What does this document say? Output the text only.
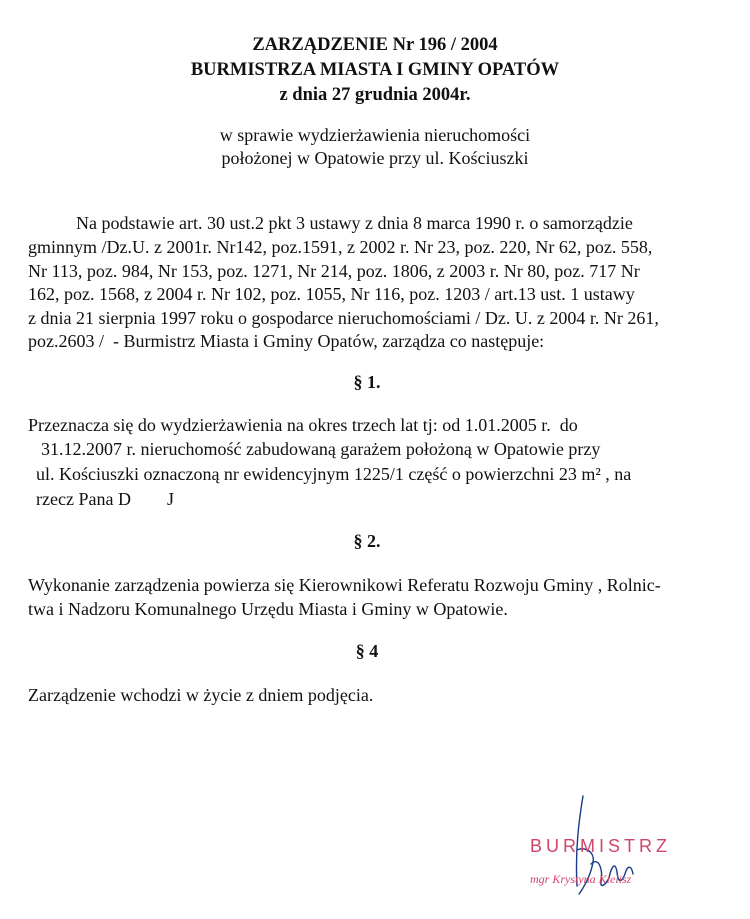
ZARZĄDZENIE Nr 196 / 2004
BURMISTRZA MIASTA I GMINY OPATÓW
z dnia 27 grudnia 2004r.
w sprawie wydzierżawienia nieruchomości
położonej w Opatowie przy ul. Kościuszki
Na podstawie art. 30 ust.2 pkt 3 ustawy z dnia 8 marca 1990 r. o samorządzie
gminnym /Dz.U. z 2001r. Nr142, poz.1591, z 2002 r. Nr 23, poz. 220, Nr 62, poz. 558,
Nr 113, poz. 984, Nr 153, poz. 1271, Nr 214, poz. 1806, z 2003 r. Nr 80, poz. 717 Nr
162, poz. 1568, z 2004 r. Nr 102, poz. 1055, Nr 116, poz. 1203 / art.13 ust. 1 ustawy
z dnia 21 sierpnia 1997 roku o gospodarce nieruchomościami / Dz. U. z 2004 r. Nr 261,
poz.2603 /  - Burmistrz Miasta i Gminy Opatów, zarządza co następuje:
§ 1.
Przeznacza się do wydzierżawienia na okres trzech lat tj: od 1.01.2005 r.  do
31.12.2007 r. nieruchomość zabudowaną garażem położoną w Opatowie przy
ul. Kościuszki oznaczoną nr ewidencyjnym 1225/1 część o powierzchni 23 m² , na
rzecz Pana D        J
§ 2.
Wykonanie zarządzenia powierza się Kierownikowi Referatu Rozwoju Gminy , Rolnic-
twa i Nadzoru Komunalnego Urzędu Miasta i Gminy w Opatowie.
§ 4
Zarządzenie wchodzi w życie z dniem podjęcia.
BURMISTRZ
mgr Krystyna Kielisz
